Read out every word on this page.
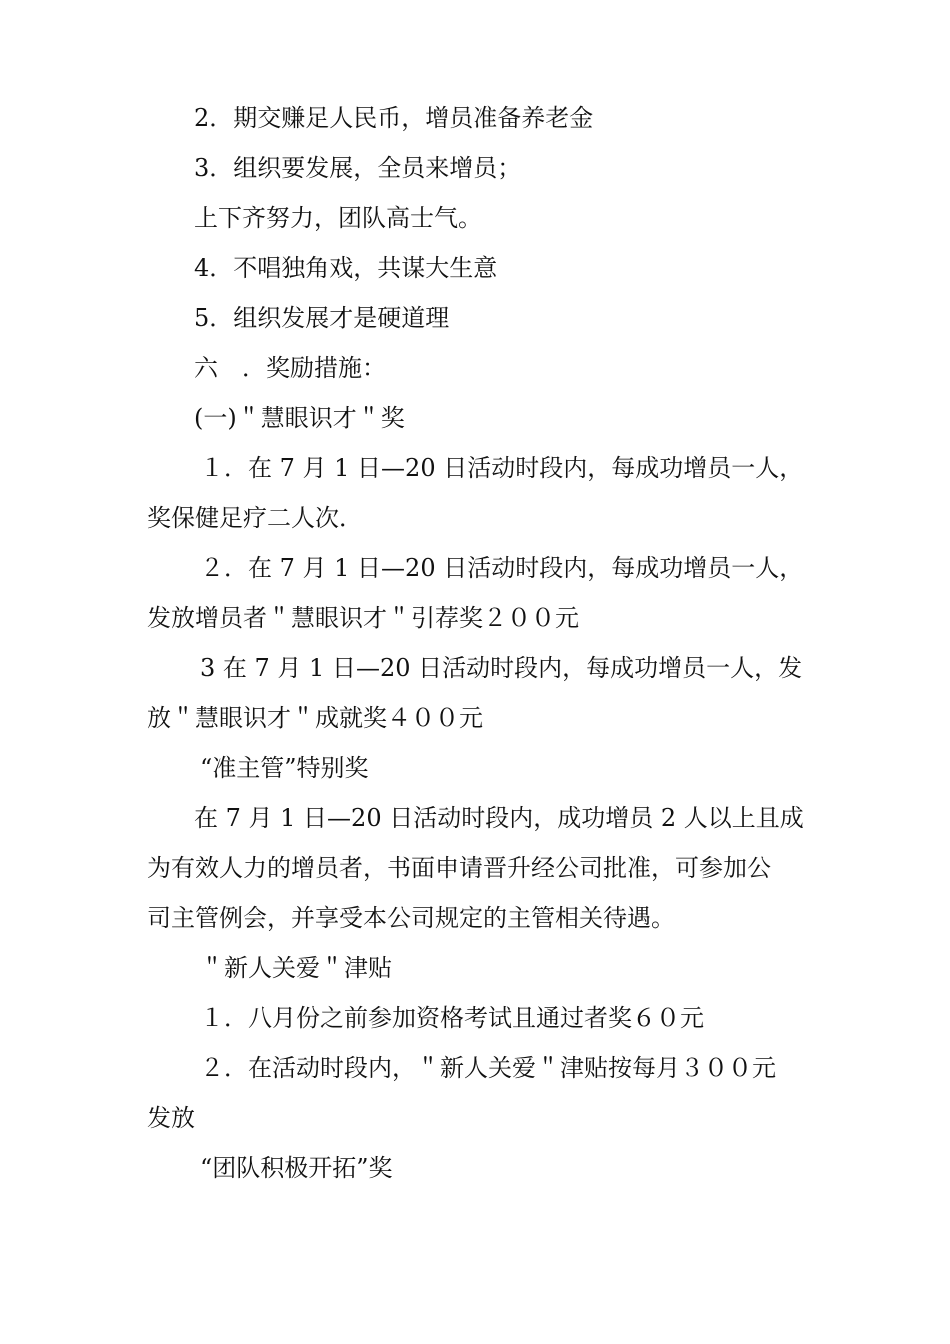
2．期交赚足人民币，增员准备养老金
3．组织要发展，全员来增员；
上下齐努力，团队高士气。
4．不唱独角戏，共谋大生意
5．组织发展才是硬道理
六　．奖励措施：
(一)＂慧眼识才＂奖
１．在 7 月 1 日—20 日活动时段内，每成功增员一人，
奖保健足疗二人次．
２．在 7 月 1 日—20 日活动时段内，每成功增员一人，
发放增员者＂慧眼识才＂引荐奖２００元
3 在 7 月 1 日—20 日活动时段内，每成功增员一人，发
放＂慧眼识才＂成就奖４００元
“准主管”特别奖
在 7 月 1 日—20 日活动时段内，成功增员 2 人以上且成
为有效人力的增员者，书面申请晋升经公司批准，可参加公
司主管例会，并享受本公司规定的主管相关待遇。
＂新人关爱＂津贴
１．八月份之前参加资格考试且通过者奖６０元
２．在活动时段内，＂新人关爱＂津贴按每月３００元
发放
“团队积极开拓”奖
